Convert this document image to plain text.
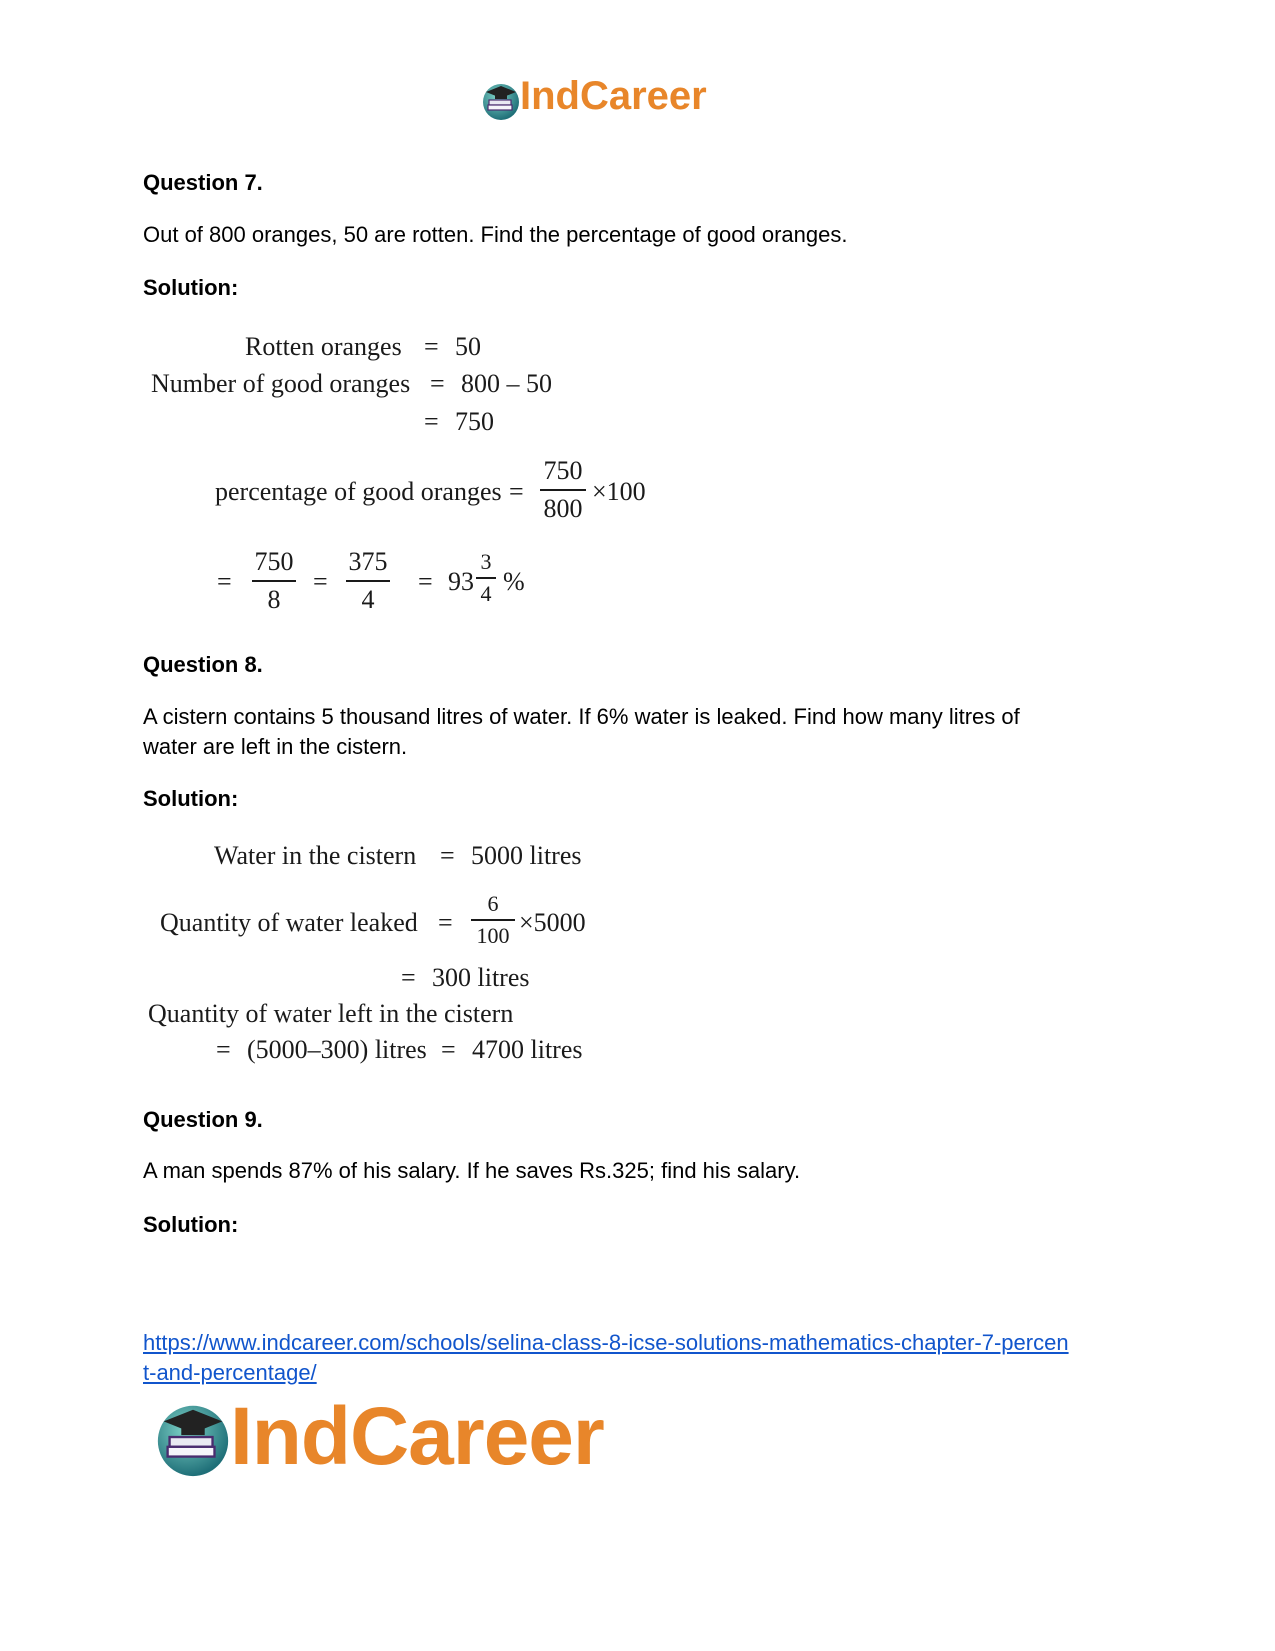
IndCareer
Question 7.
Out of 800 oranges, 50 are rotten. Find the percentage of good oranges.
Solution:
Rotten oranges = 50
Number of good oranges = 800 – 50
= 750
percentage of good oranges =
750
800
×100
=
750
8
=
375
4
= 93
3
4 %
Question 8.
A cistern contains 5 thousand litres of water. If 6% water is leaked. Find how many litres of water are left in the cistern.
Solution:
Water in the cistern = 5000 litres
Quantity of water leaked =
6
100 ×5000
= 300 litres
Quantity of water left in the cistern
= (5000–300) litres = 4700 litres
Question 9.
A man spends 87% of his salary. If he saves Rs.325; find his salary.
Solution:
https://www.indcareer.com/schools/selina-class-8-icse-solutions-mathematics-chapter-7-percent-and-percentage/
IndCareer
